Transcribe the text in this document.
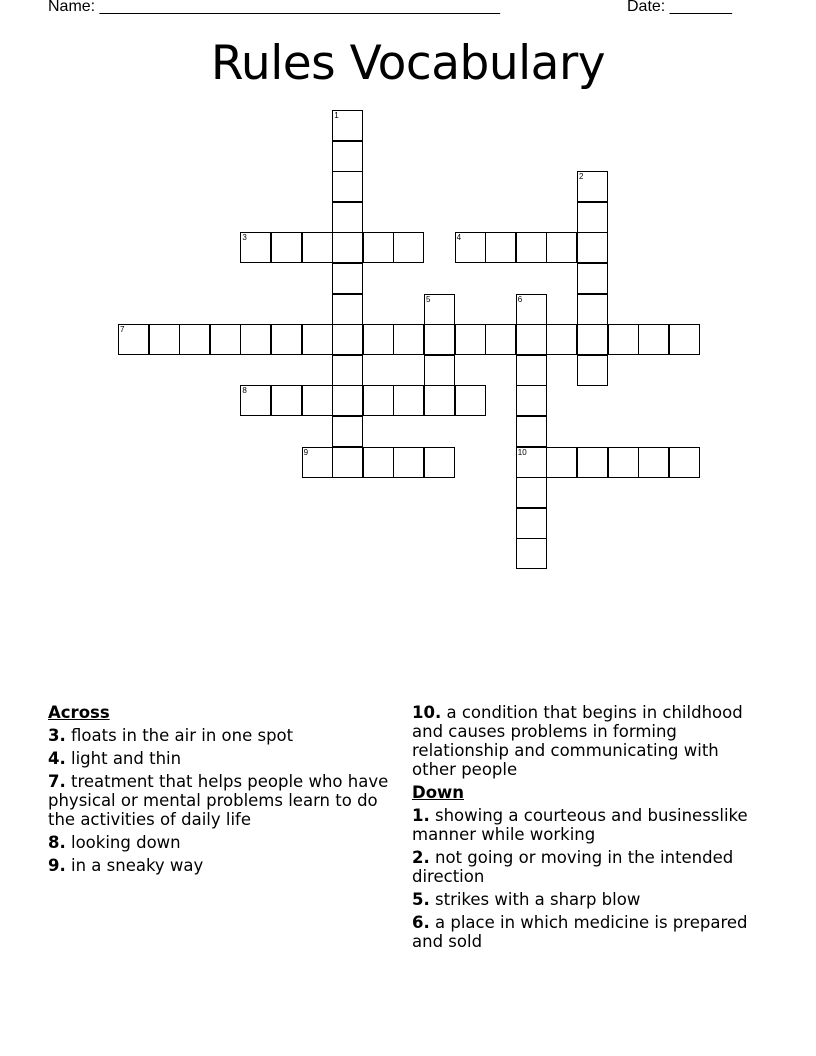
Name: _____________________________________________	Date: _______
Rules Vocabulary
1
2
3	4
5	6
10
7
8
9
Across
3. floats in the air in one spot
4. light and thin
7. treatment that helps people who have physical or mental problems learn to do the activities of daily life
8. looking down
9. in a sneaky way
10. a condition that begins in childhood and causes problems in forming relationship and communicating with other people
Down
1. showing a courteous and businesslike manner while working
2. not going or moving in the intended direction
5. strikes with a sharp blow
6. a place in which medicine is prepared and sold
